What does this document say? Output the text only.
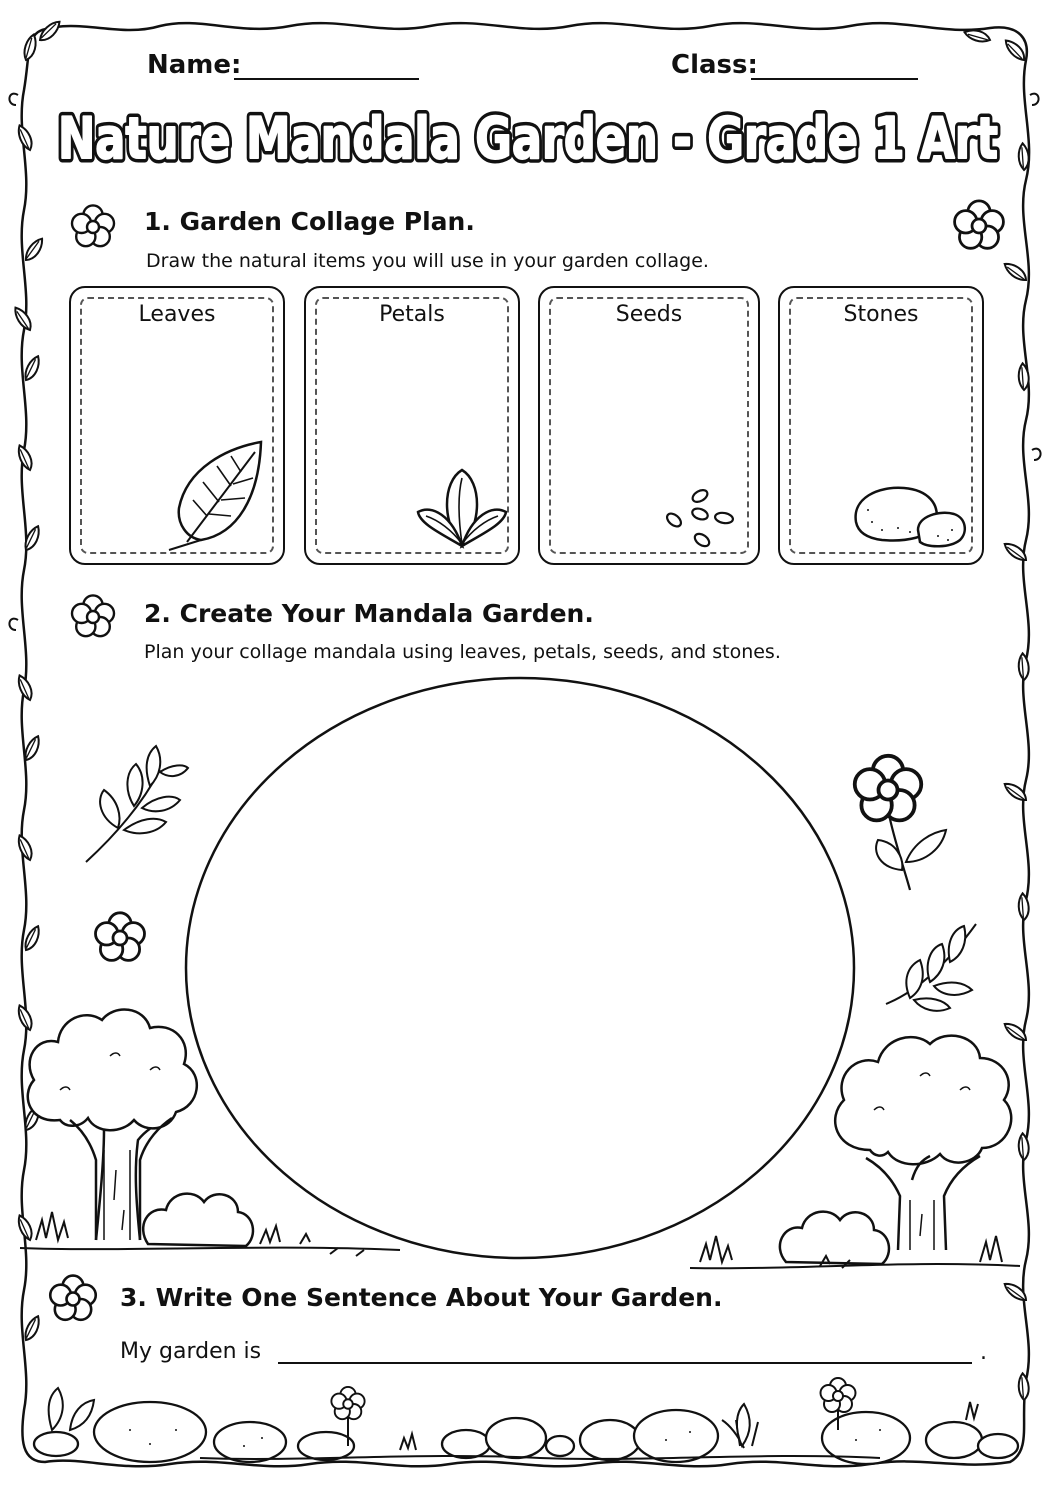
Name:	Class:
Nature Mandala Garden - Grade 1 Art
Nature Mandala Garden - Grade 1 Art
1. Garden Collage Plan.
Draw the natural items you will use in your garden collage.
Leaves	Petals	Seeds	Stones
2. Create Your Mandala Garden.
Plan your collage mandala using leaves, petals, seeds, and stones.
3. Write One Sentence About Your Garden.
My garden is	.
